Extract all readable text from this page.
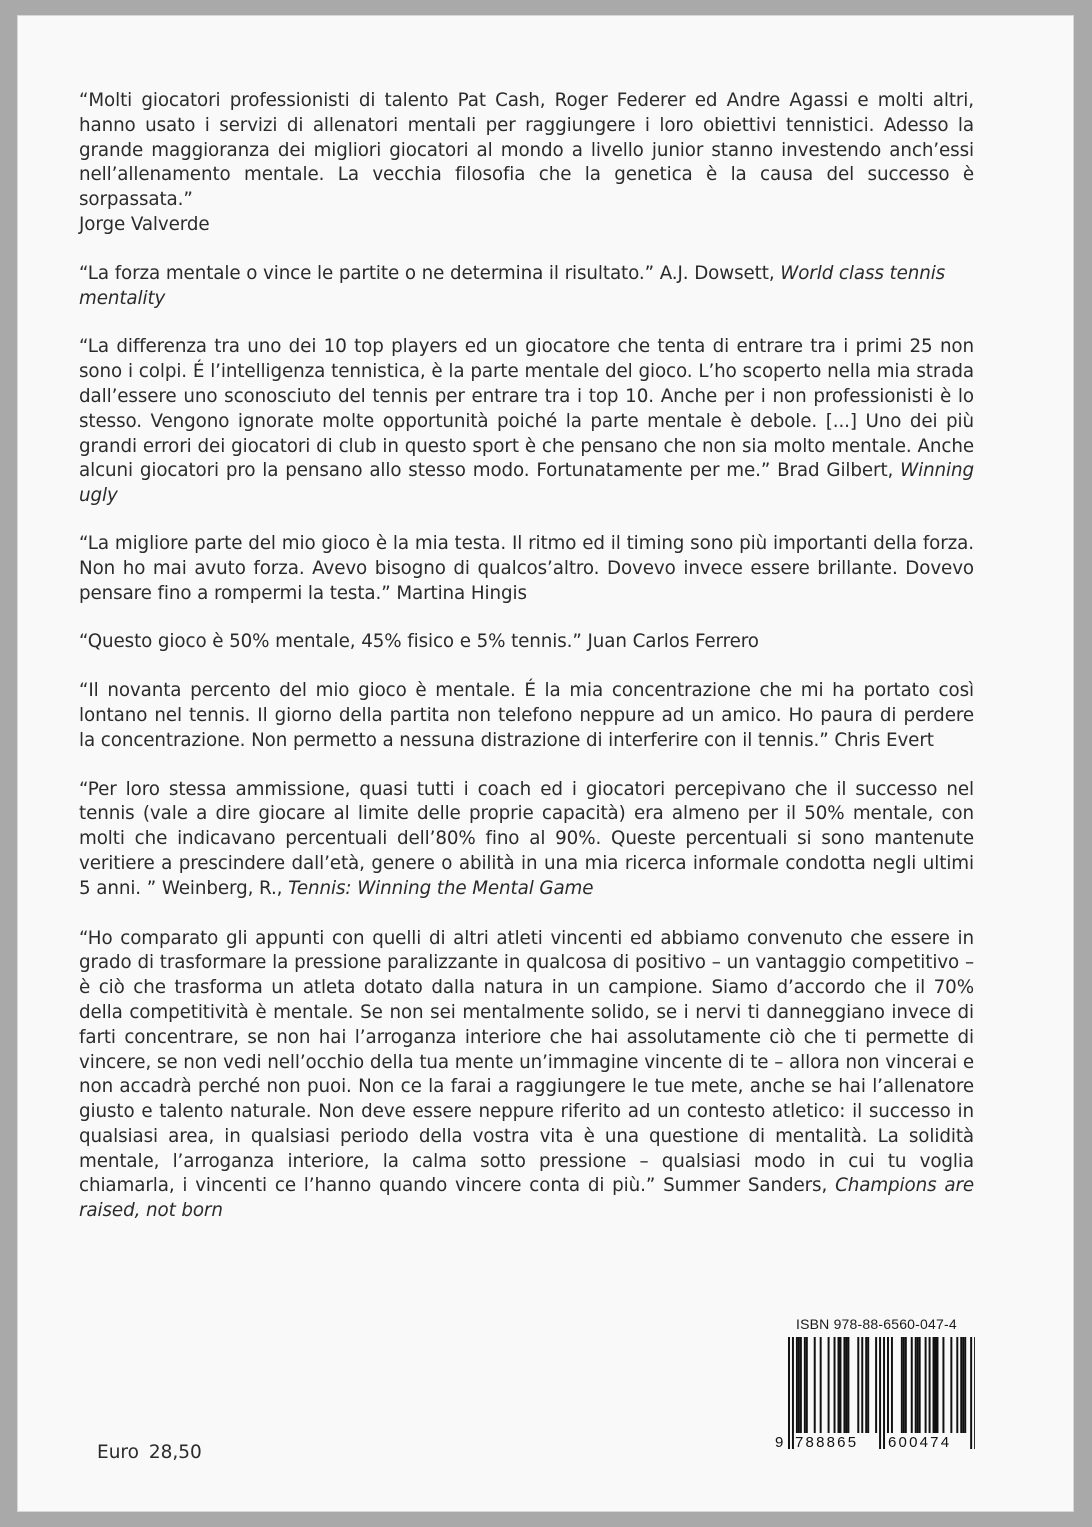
“Molti giocatori professionisti di talento Pat Cash, Roger Federer ed Andre Agassi e molti altri, hanno usato i servizi di allenatori mentali per raggiungere i loro obiettivi tennistici. Adesso la grande maggioranza dei migliori giocatori al mondo a livello junior stanno investendo anch’essi nell’allenamento mentale. La vecchia filosofia che la genetica è la causa del successo è sorpassata.”
Jorge Valverde

“La forza mentale o vince le partite o ne determina il risultato.” A.J. Dowsett, World class tennis mentality

“La differenza tra uno dei 10 top players ed un giocatore che tenta di entrare tra i primi 25 non sono i colpi. É l’intelligenza tennistica, è la parte mentale del gioco. L’ho scoperto nella mia strada dall’essere uno sconosciuto del tennis per entrare tra i top 10. Anche per i non professionisti è lo stesso. Vengono ignorate molte opportunità poiché la parte mentale è debole. [...] Uno dei più grandi errori dei giocatori di club in questo sport è che pensano che non sia molto mentale. Anche alcuni giocatori pro la pensano allo stesso modo. Fortunatamente per me.” Brad Gilbert, Winning ugly

“La migliore parte del mio gioco è la mia testa. Il ritmo ed il timing sono più importanti della forza. Non ho mai avuto forza. Avevo bisogno di qualcos’altro. Dovevo invece essere brillante. Dovevo pensare fino a rompermi la testa.” Martina Hingis

“Questo gioco è 50% mentale, 45% fisico e 5% tennis.” Juan Carlos Ferrero

“Il novanta percento del mio gioco è mentale. É la mia concentrazione che mi ha portato così lontano nel tennis. Il giorno della partita non telefono neppure ad un amico. Ho paura di perdere la concentrazione. Non permetto a nessuna distrazione di interferire con il tennis.” Chris Evert

“Per loro stessa ammissione, quasi tutti i coach ed i giocatori percepivano che il successo nel tennis (vale a dire giocare al limite delle proprie capacità) era almeno per il 50% mentale, con molti che indicavano percentuali dell’80% fino al 90%. Queste percentuali si sono mantenute veritiere a prescindere dall’età, genere o abilità in una mia ricerca informale condotta negli ultimi 5 anni. ” Weinberg, R., Tennis: Winning the Mental Game

“Ho comparato gli appunti con quelli di altri atleti vincenti ed abbiamo convenuto che essere in grado di trasformare la pressione paralizzante in qualcosa di positivo – un vantaggio competitivo – è ciò che trasforma un atleta dotato dalla natura in un campione. Siamo d’accordo che il 70% della competitività è mentale. Se non sei mentalmente solido, se i nervi ti danneggiano invece di farti concentrare, se non hai l’arroganza interiore che hai assolutamente ciò che ti permette di vincere, se non vedi nell’occhio della tua mente un’immagine vincente di te – allora non vincerai e non accadrà perché non puoi. Non ce la farai a raggiungere le tue mete, anche se hai l’allenatore giusto e talento naturale. Non deve essere neppure riferito ad un contesto atletico: il successo in qualsiasi area, in qualsiasi periodo della vostra vita è una questione di mentalità. La solidità mentale, l’arroganza interiore, la calma sotto pressione – qualsiasi modo in cui tu voglia chiamarla, i vincenti ce l’hanno quando vincere conta di più.” Summer Sanders, Champions are raised, not born

ISBN 978-88-6560-047-4
9 788865 600474
Euro 28,50
